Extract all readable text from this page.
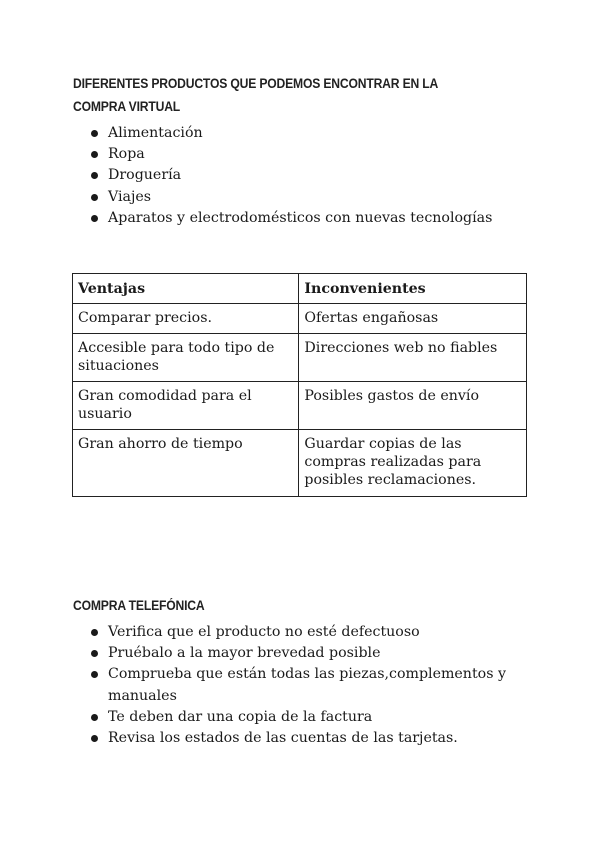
DIFERENTES PRODUCTOS QUE PODEMOS ENCONTRAR EN LA COMPRA VIRTUAL
Alimentación
Ropa
Droguería
Viajes
Aparatos y electrodomésticos con nuevas tecnologías
Ventajas	Inconvenientes
Comparar precios.	Ofertas engañosas
Accesible para todo tipo de situaciones	Direcciones web no fiables
Gran comodidad para el usuario	Posibles gastos de envío
Gran ahorro de tiempo	Guardar copias de las compras realizadas para posibles reclamaciones.
COMPRA TELEFÓNICA
Verifica que el producto no esté defectuoso
Pruébalo a la mayor brevedad posible
Comprueba que están todas las piezas,complementos y manuales
Te deben dar una copia de la factura
Revisa los estados de las cuentas de las tarjetas.
